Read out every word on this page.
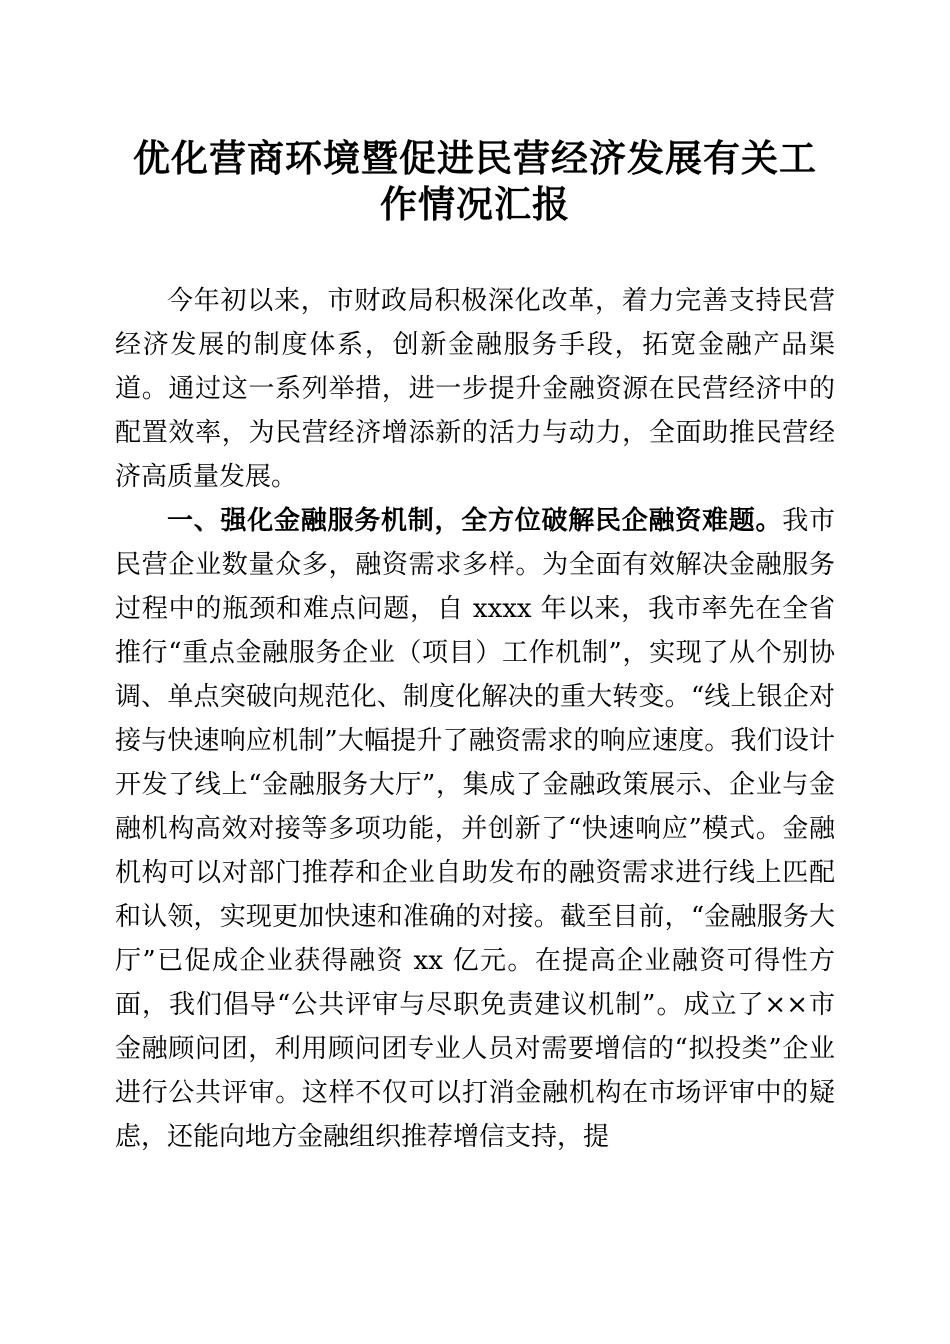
优化营商环境暨促进民营经济发展有关工作情况汇报

今年初以来，市财政局积极深化改革，着力完善支持民营经济发展的制度体系，创新金融服务手段，拓宽金融产品渠道。通过这一系列举措，进一步提升金融资源在民营经济中的配置效率，为民营经济增添新的活力与动力，全面助推民营经济高质量发展。

一、强化金融服务机制，全方位破解民企融资难题。我市民营企业数量众多，融资需求多样。为全面有效解决金融服务过程中的瓶颈和难点问题，自 xxxx 年以来，我市率先在全省推行“重点金融服务企业（项目）工作机制”，实现了从个别协调、单点突破向规范化、制度化解决的重大转变。“线上银企对接与快速响应机制”大幅提升了融资需求的响应速度。我们设计开发了线上“金融服务大厅”，集成了金融政策展示、企业与金融机构高效对接等多项功能，并创新了“快速响应”模式。金融机构可以对部门推荐和企业自助发布的融资需求进行线上匹配和认领，实现更加快速和准确的对接。截至目前，“金融服务大厅”已促成企业获得融资 xx 亿元。在提高企业融资可得性方面，我们倡导“公共评审与尽职免责建议机制”。成立了××市金融顾问团，利用顾问团专业人员对需要增信的“拟投类”企业进行公共评审。这样不仅可以打消金融机构在市场评审中的疑虑，还能向地方金融组织推荐增信支持，提
